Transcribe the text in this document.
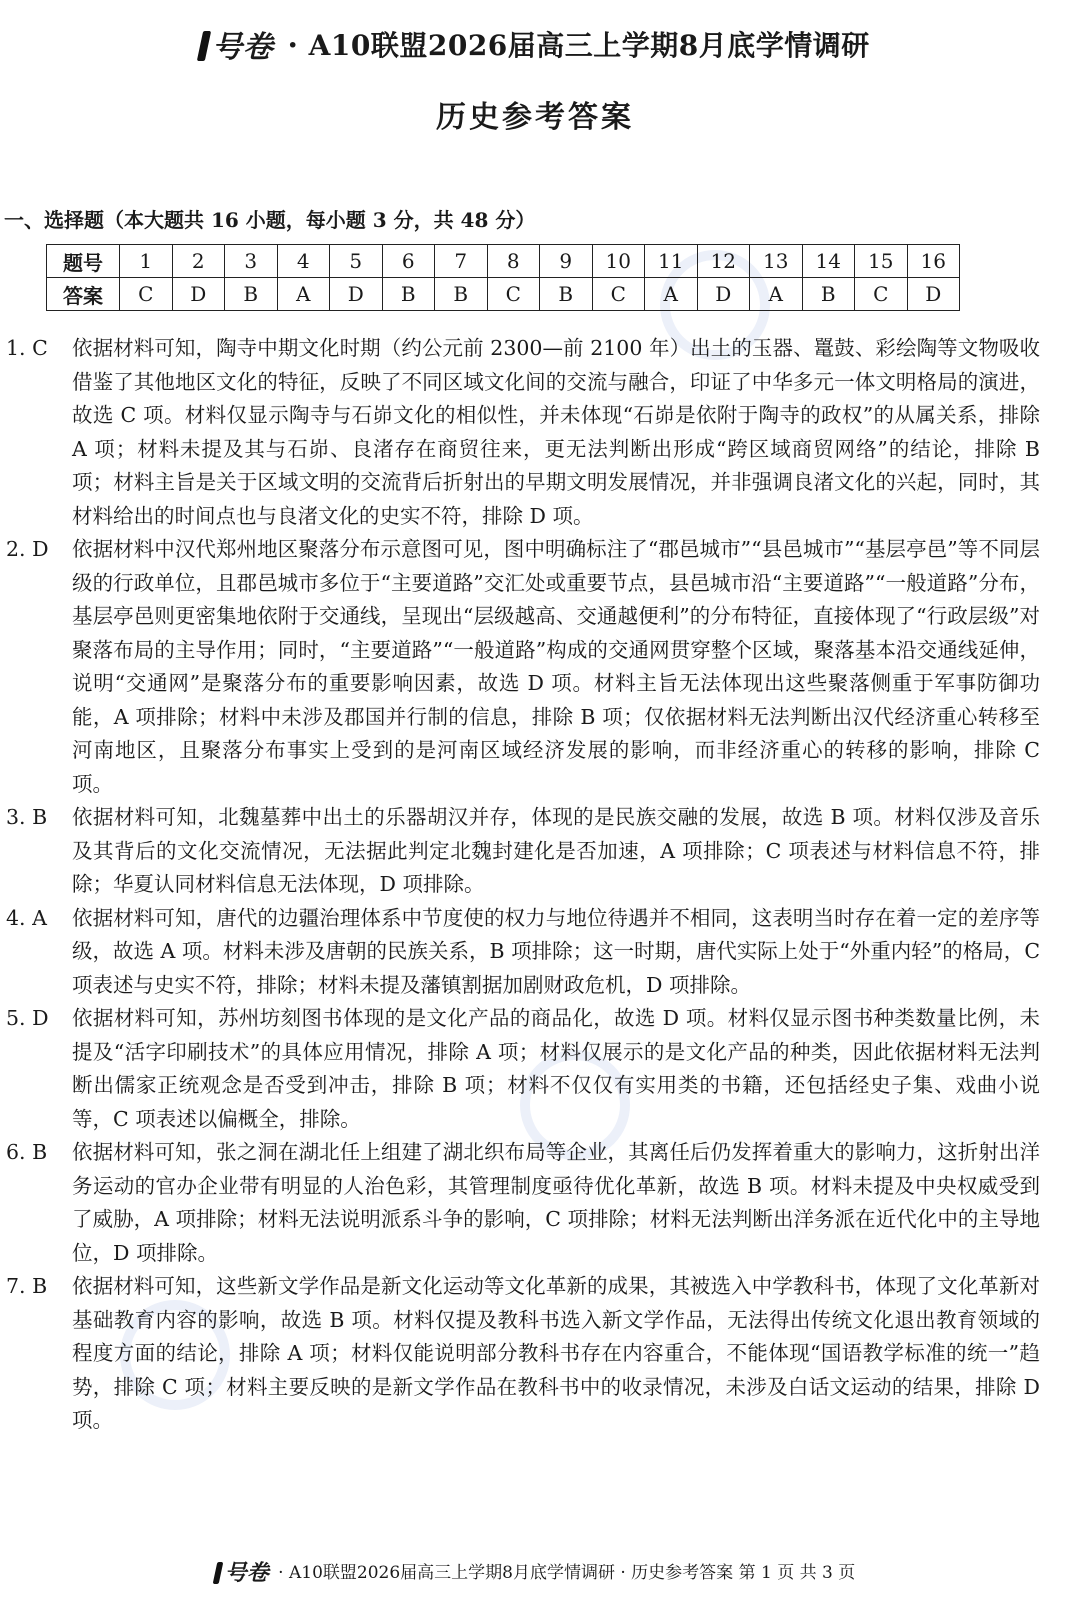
号卷 · A10联盟2026届高三上学期8月底学情调研
历史参考答案
一、选择题（本大题共 16 小题，每小题 3 分，共 48 分）
题号	1	2	3	4	5	6	7	8	9	10	11	12	13	14	15	16
答案	C	D	B	A	D	B	B	C	B	C	A	D	A	B	C	D
1. C	依据材料可知，陶寺中期文化时期（约公元前 2300—前 2100 年）出土的玉器、鼍鼓、彩绘陶等文物吸收借鉴了其他地区文化的特征，反映了不同区域文化间的交流与融合，印证了中华多元一体文明格局的演进，故选 C 项。材料仅显示陶寺与石峁文化的相似性，并未体现“石峁是依附于陶寺的政权”的从属关系，排除 A 项；材料未提及其与石峁、良渚存在商贸往来，更无法判断出形成“跨区域商贸网络”的结论，排除 B 项；材料主旨是关于区域文明的交流背后折射出的早期文明发展情况，并非强调良渚文化的兴起，同时，其材料给出的时间点也与良渚文化的史实不符，排除 D 项。
2. D	依据材料中汉代郑州地区聚落分布示意图可见，图中明确标注了“郡邑城市”“县邑城市”“基层亭邑”等不同层级的行政单位，且郡邑城市多位于“主要道路”交汇处或重要节点，县邑城市沿“主要道路”“一般道路”分布，基层亭邑则更密集地依附于交通线，呈现出“层级越高、交通越便利”的分布特征，直接体现了“行政层级”对聚落布局的主导作用；同时，“主要道路”“一般道路”构成的交通网贯穿整个区域，聚落基本沿交通线延伸，说明“交通网”是聚落分布的重要影响因素，故选 D 项。材料主旨无法体现出这些聚落侧重于军事防御功能，A 项排除；材料中未涉及郡国并行制的信息，排除 B 项；仅依据材料无法判断出汉代经济重心转移至河南地区，且聚落分布事实上受到的是河南区域经济发展的影响，而非经济重心的转移的影响，排除 C 项。
3. B	依据材料可知，北魏墓葬中出土的乐器胡汉并存，体现的是民族交融的发展，故选 B 项。材料仅涉及音乐及其背后的文化交流情况，无法据此判定北魏封建化是否加速，A 项排除；C 项表述与材料信息不符，排除；华夏认同材料信息无法体现，D 项排除。
4. A	依据材料可知，唐代的边疆治理体系中节度使的权力与地位待遇并不相同，这表明当时存在着一定的差序等级，故选 A 项。材料未涉及唐朝的民族关系，B 项排除；这一时期，唐代实际上处于“外重内轻”的格局，C 项表述与史实不符，排除；材料未提及藩镇割据加剧财政危机，D 项排除。
5. D	依据材料可知，苏州坊刻图书体现的是文化产品的商品化，故选 D 项。材料仅显示图书种类数量比例，未提及“活字印刷技术”的具体应用情况，排除 A 项；材料仅展示的是文化产品的种类，因此依据材料无法判断出儒家正统观念是否受到冲击，排除 B 项；材料不仅仅有实用类的书籍，还包括经史子集、戏曲小说等，C 项表述以偏概全，排除。
6. B	依据材料可知，张之洞在湖北任上组建了湖北织布局等企业，其离任后仍发挥着重大的影响力，这折射出洋务运动的官办企业带有明显的人治色彩，其管理制度亟待优化革新，故选 B 项。材料未提及中央权威受到了威胁，A 项排除；材料无法说明派系斗争的影响，C 项排除；材料无法判断出洋务派在近代化中的主导地位，D 项排除。
7. B	依据材料可知，这些新文学作品是新文化运动等文化革新的成果，其被选入中学教科书，体现了文化革新对基础教育内容的影响，故选 B 项。材料仅提及教科书选入新文学作品，无法得出传统文化退出教育领域的程度方面的结论，排除 A 项；材料仅能说明部分教科书存在内容重合，不能体现“国语教学标准的统一”趋势，排除 C 项；材料主要反映的是新文学作品在教科书中的收录情况，未涉及白话文运动的结果，排除 D 项。
号卷 · A10联盟2026届高三上学期8月底学情调研 · 历史参考答案 第 1 页 共 3 页
